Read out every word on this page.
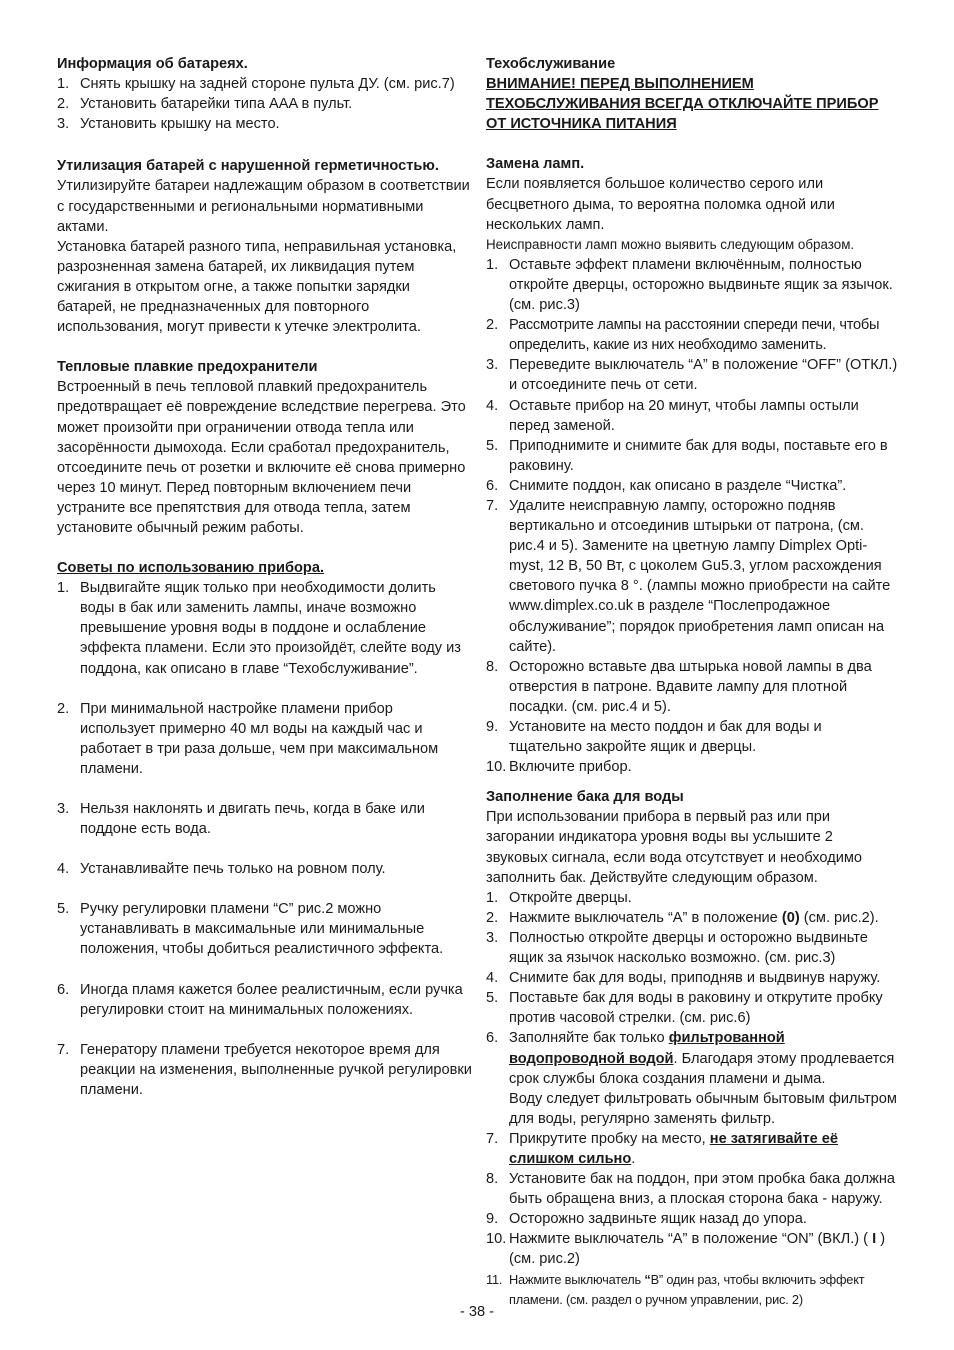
Информация об батареях.
1. Снять крышку на задней стороне пульта ДУ. (см. рис.7)
2. Установить батарейки типа AAA в пульт.
3. Установить крышку на место.
Утилизация батарей с нарушенной герметичностью.
Утилизируйте батареи надлежащим образом в соответствии с государственными и региональными нормативными актами.
Установка батарей разного типа, неправильная установка, разрозненная замена батарей, их ликвидация путем сжигания в открытом огне, а также попытки зарядки батарей, не предназначенных для повторного использования, могут привести к утечке электролита.
Тепловые плавкие предохранители
Встроенный в печь тепловой плавкий предохранитель предотвращает её повреждение вследствие перегрева. Это может произойти при ограничении отвода тепла или засорённости дымохода. Если сработал предохранитель, отсоедините печь от розетки и включите её снова примерно через 10 минут. Перед повторным включением печи устраните все препятствия для отвода тепла, затем установите обычный режим работы.
Советы по использованию прибора.
1. Выдвигайте ящик только при необходимости долить воды в бак или заменить лампы, иначе возможно превышение уровня воды в поддоне и ослабление эффекта пламени. Если это произойдёт, слейте воду из поддона, как описано в главе “Техобслуживание”.
2. При минимальной настройке пламени прибор использует примерно 40 мл воды на каждый час и работает в три раза дольше, чем при максимальном пламени.
3. Нельзя наклонять и двигать печь, когда в баке или поддоне есть вода.
4. Устанавливайте печь только на ровном полу.
5. Ручку регулировки пламени “C” рис.2 можно устанавливать в максимальные или минимальные положения, чтобы добиться реалистичного эффекта.
6. Иногда пламя кажется более реалистичным, если ручка регулировки стоит на минимальных положениях.
7. Генератору пламени требуется некоторое время для реакции на изменения, выполненные ручкой регулировки пламени.
Техобслуживание
ВНИМАНИЕ! ПЕРЕД ВЫПОЛНЕНИЕМ ТЕХОБСЛУЖИВАНИЯ ВСЕГДА ОТКЛЮЧАЙТЕ ПРИБОР ОТ ИСТОЧНИКА ПИТАНИЯ
Замена ламп.
Если появляется большое количество серого или бесцветного дыма, то вероятна поломка одной или нескольких ламп.
Неисправности ламп можно выявить следующим образом.
1. Оставьте эффект пламени включённым, полностью откройте дверцы, осторожно выдвиньте ящик за язычок. (см. рис.3)
2. Рассмотрите лампы на расстоянии спереди печи, чтобы определить, какие из них необходимо заменить.
3. Переведите выключатель “A” в положение “OFF” (ОТКЛ.) и отсоедините печь от сети.
4. Оставьте прибор на 20 минут, чтобы лампы остыли перед заменой.
5. Приподнимите и снимите бак для воды, поставьте его в раковину.
6. Снимите поддон, как описано в разделе “Чистка”.
7. Удалите неисправную лампу, осторожно подняв вертикально и отсоединив штырьки от патрона, (см. рис.4 и 5). Замените на цветную лампу Dimplex Opti-myst, 12 В, 50 Вт, с цоколем Gu5.3, углом расхождения светового пучка 8 °. (лампы можно приобрести на сайте www.dimplex.co.uk в разделе “Послепродажное обслуживание”; порядок приобретения ламп описан на сайте).
8. Осторожно вставьте два штырька новой лампы в два отверстия в патроне. Вдавите лампу для плотной посадки. (см. рис.4 и 5).
9. Установите на место поддон и бак для воды и тщательно закройте ящик и дверцы.
10. Включите прибор.
Заполнение бака для воды
При использовании прибора в первый раз или при загорании индикатора уровня воды вы услышите 2 звуковых сигнала, если вода отсутствует и необходимо заполнить бак. Действуйте следующим образом.
1. Откройте дверцы.
2. Нажмите выключатель “A” в положение (0) (см. рис.2).
3. Полностью откройте дверцы и осторожно выдвиньте ящик за язычок насколько возможно. (см. рис.3)
4. Снимите бак для воды, приподняв и выдвинув наружу.
5. Поставьте бак для воды в раковину и открутите пробку против часовой стрелки. (см. рис.6)
6. Заполняйте бак только фильтрованной водопроводной водой. Благодаря этому продлевается срок службы блока создания пламени и дыма.
Воду следует фильтровать обычным бытовым фильтром для воды, регулярно заменять фильтр.
7. Прикрутите пробку на место, не затягивайте её слишком сильно.
8. Установите бак на поддон, при этом пробка бака должна быть обращена вниз, а плоская сторона бака - наружу.
9. Осторожно задвиньте ящик назад до упора.
10. Нажмите выключатель “A” в положение “ON” (ВКЛ.) ( I ) (см. рис.2)
11. Нажмите выключатель “B” один раз, чтобы включить эффект пламени. (см. раздел о ручном управлении, рис. 2)
- 38 -
